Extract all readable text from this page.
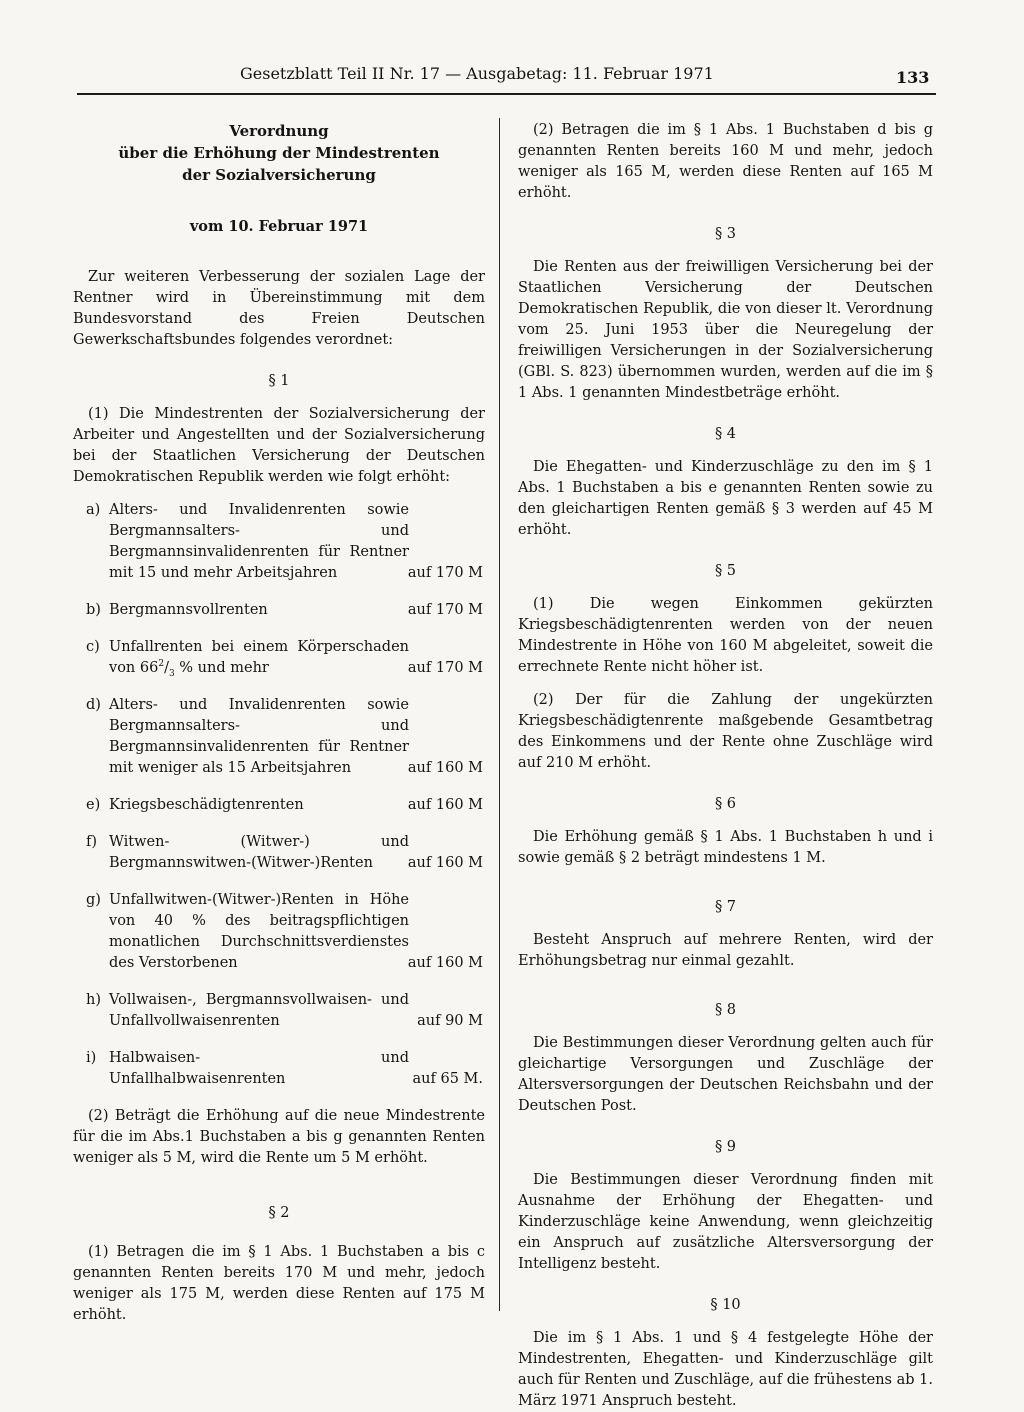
Gesetzblatt Teil II Nr. 17 — Ausgabetag: 11. Februar 1971	133
Verordnung
über die Erhöhung der Mindestrenten
der Sozialversicherung
vom 10. Februar 1971

Zur weiteren Verbesserung der sozialen Lage der Rentner wird in Übereinstimmung mit dem Bundesvorstand des Freien Deutschen Gewerkschaftsbundes folgendes verordnet:

§ 1

(1) Die Mindestrenten der Sozialversicherung der Arbeiter und Angestellten und der Sozialversicherung bei der Staatlichen Versicherung der Deutschen Demokratischen Republik werden wie folgt erhöht:

a) Alters- und Invalidenrenten sowie Bergmannsalters- und Bergmannsinvalidenrenten für Rentner mit 15 und mehr Arbeitsjahren	auf 170 M
b) Bergmannsvollrenten	auf 170 M
c) Unfallrenten bei einem Körperschaden von $66^2/_3$ % und mehr	auf 170 M
d) Alters- und Invalidenrenten sowie Bergmannsalters- und Bergmannsinvalidenrenten für Rentner mit weniger als 15 Arbeitsjahren	auf 160 M
e) Kriegsbeschädigtenrenten	auf 160 M
f) Witwen- (Witwer-) und Bergmannswitwen-(Witwer-)Renten	auf 160 M
g) Unfallwitwen-(Witwer-)Renten in Höhe von 40 % des beitragspflichtigen monatlichen Durchschnittsverdienstes des Verstorbenen	auf 160 M
h) Vollwaisen-, Bergmannsvollwaisen- und Unfallvollwaisenrenten	auf 90 M
i) Halbwaisen- und Unfallhalbwaisenrenten	auf 65 M.

(2) Beträgt die Erhöhung auf die neue Mindestrente für die im Abs.1 Buchstaben a bis g genannten Renten weniger als 5 M, wird die Rente um 5 M erhöht.

§ 2

(1) Betragen die im § 1 Abs. 1 Buchstaben a bis c genannten Renten bereits 170 M und mehr, jedoch weniger als 175 M, werden diese Renten auf 175 M erhöht.

(2) Betragen die im § 1 Abs. 1 Buchstaben d bis g genannten Renten bereits 160 M und mehr, jedoch weniger als 165 M, werden diese Renten auf 165 M erhöht.

§ 3

Die Renten aus der freiwilligen Versicherung bei der Staatlichen Versicherung der Deutschen Demokratischen Republik, die von dieser lt. Verordnung vom 25. Juni 1953 über die Neuregelung der freiwilligen Versicherungen in der Sozialversicherung (GBl. S. 823) übernommen wurden, werden auf die im § 1 Abs. 1 genannten Mindestbeträge erhöht.

§ 4

Die Ehegatten- und Kinderzuschläge zu den im § 1 Abs. 1 Buchstaben a bis e genannten Renten sowie zu den gleichartigen Renten gemäß § 3 werden auf 45 M erhöht.

§ 5

(1) Die wegen Einkommen gekürzten Kriegsbeschädigtenrenten werden von der neuen Mindestrente in Höhe von 160 M abgeleitet, soweit die errechnete Rente nicht höher ist.

(2) Der für die Zahlung der ungekürzten Kriegsbeschädigtenrente maßgebende Gesamtbetrag des Einkommens und der Rente ohne Zuschläge wird auf 210 M erhöht.

§ 6

Die Erhöhung gemäß § 1 Abs. 1 Buchstaben h und i sowie gemäß § 2 beträgt mindestens 1 M.

§ 7

Besteht Anspruch auf mehrere Renten, wird der Erhöhungsbetrag nur einmal gezahlt.

§ 8

Die Bestimmungen dieser Verordnung gelten auch für gleichartige Versorgungen und Zuschläge der Altersversorgungen der Deutschen Reichsbahn und der Deutschen Post.

§ 9

Die Bestimmungen dieser Verordnung finden mit Ausnahme der Erhöhung der Ehegatten- und Kinderzuschläge keine Anwendung, wenn gleichzeitig ein Anspruch auf zusätzliche Altersversorgung der Intelligenz besteht.

§ 10

Die im § 1 Abs. 1 und § 4 festgelegte Höhe der Mindestrenten, Ehegatten- und Kinderzuschläge gilt auch für Renten und Zuschläge, auf die frühestens ab 1. März 1971 Anspruch besteht.
